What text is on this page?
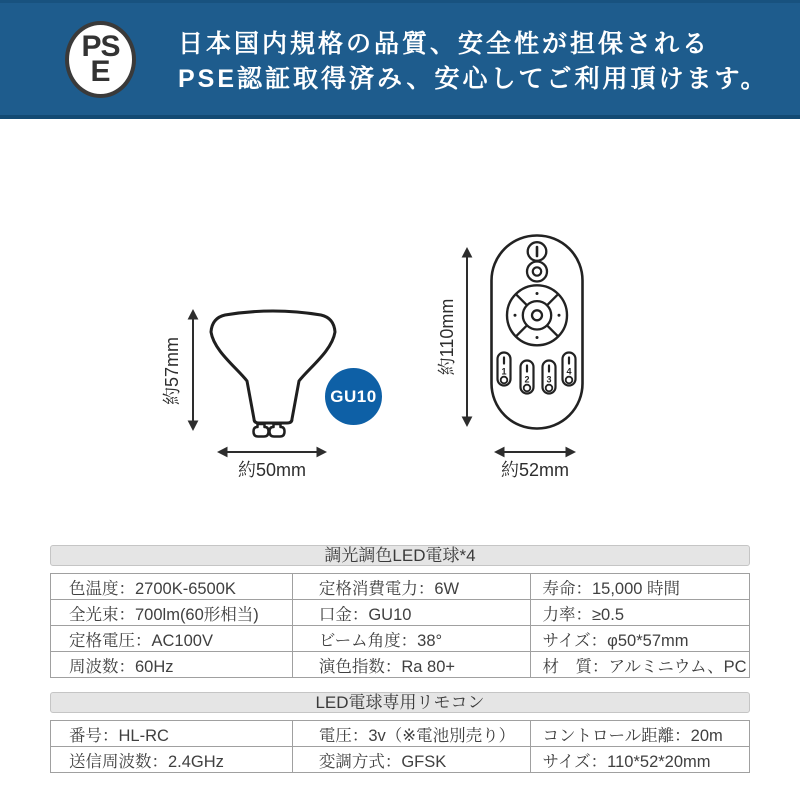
PS
E
日本国内規格の品質、安全性が担保される
PSE認証取得済み、安心してご利用頂けます。
約57mm	GU10
約50mm
約110mm	1
2 3
4
約52mm
調光調色LED電球*4
色温度：2700K-6500K	定格消費電力：6W	寿命：15,000 時間
全光束：700lm(60形相当)	口金：GU10	力率：≥0.5
定格電圧：AC100V	ビーム角度：38°	サイズ：φ50*57mm
周波数：60Hz	演色指数：Ra 80+	材　質：アルミニウム、PC
LED電球専用リモコン
番号：HL-RC	電圧：3v（※電池別売り）	コントロール距離：20m
送信周波数：2.4GHz	変調方式：GFSK	サイズ：110*52*20mm
